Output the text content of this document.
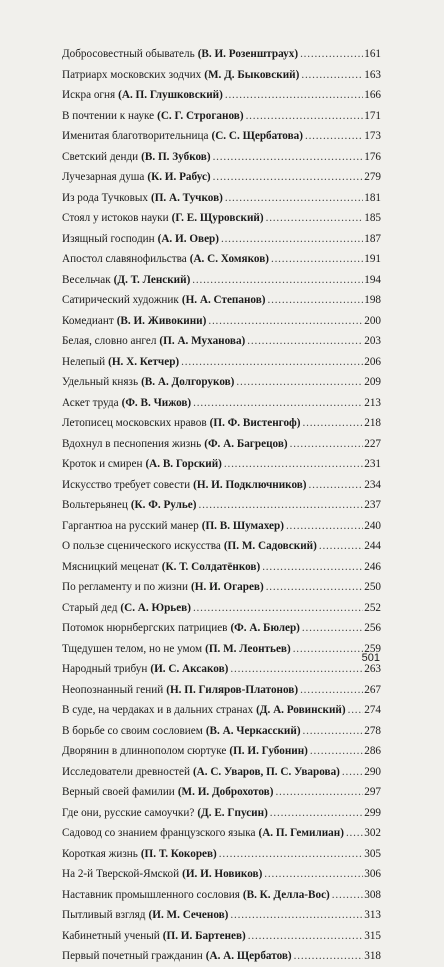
Добросовестный обыватель (В. И. Розенштраух) . . .	161
Патриарх московских зодчих (М. Д. Быковский) . . .	163
Искра огня (А. П. Глушковский) . . .	166
В почтении к науке (С. Г. Строганов) . . .	171
Именитая благотворительница (С. С. Щербатова) . . .	173
Светский денди (В. П. Зубков) . . .	176
Лучезарная душа (К. И. Рабус) . . .	279
Из рода Тучковых (П. А. Тучков) . . .	181
Стоял у истоков науки (Г. Е. Щуровский) . . .	185
Изящный господин (А. И. Овер) . . .	187
Апостол славянофильства (А. С. Хомяков) . . .	191
Весельчак (Д. Т. Ленский) . . .	194
Сатирический художник (Н. А. Степанов) . . .	198
Комедиант (В. И. Живокини) . . .	200
Белая, словно ангел (П. А. Муханова) . . .	203
Нелепый (Н. Х. Кетчер) . . .	206
Удельный князь (В. А. Долгоруков) . . .	209
Аскет труда (Ф. В. Чижов) . . .	213
Летописец московских нравов (П. Ф. Вистенгоф) . . .	218
Вдохнул в песнопения жизнь (Ф. А. Багрецов) . . .	227
Кроток и смирен (А. В. Горский) . . .	231
Искусство требует совести (Н. И. Подключников) . . .	234
Вольтерьянец (К. Ф. Рулье) . . .	237
Гаргантюа на русский манер (П. В. Шумахер) . . .	240
О пользе сценического искусства (П. М. Садовский) . . .	244
Мясницкий меценат (К. Т. Солдатёнков) . . .	246
По регламенту и по жизни (Н. И. Огарев) . . .	250
Старый дед (С. А. Юрьев) . . .	252
Потомок нюрнбергских патрициев (Ф. А. Бюлер) . . .	256
Тщедушен телом, но не умом (П. М. Леонтьев) . . .	259
Народный трибун (И. С. Аксаков) . . .	263
Неопознанный гений (Н. П. Гиляров-Платонов) . . .	267
В суде, на чердаках и в дальних странах (Д. А. Ровинский) . . . 274
В борьбе со своим сословием (В. А. Черкасский) . . .	278
Дворянин в длиннополом сюртуке (П. И. Губонин) . . .	286
Исследователи древностей (А. С. Уваров, П. С. Уварова) . . . 290
Верный своей фамилии (М. И. Доброхотов) . . .	297
Где они, русские самоучки? (Д. Е. Гпусин) . . .	299
Садовод со знанием французского языка (А. П. Гемилиан) . . . 302
Короткая жизнь (П. Т. Кокорев) . . .	305
На 2-й Тверской-Ямской (И. И. Новиков) . . .	306
Наставник промышленного сословия (В. К. Делла-Вос) . . .	308
Пытливый взгляд (И. М. Сеченов) . . .	313
Кабинетный ученый (П. И. Бартенев) . . .	315
Первый почетный гражданин (А. А. Щербатов) . . .	318
501
